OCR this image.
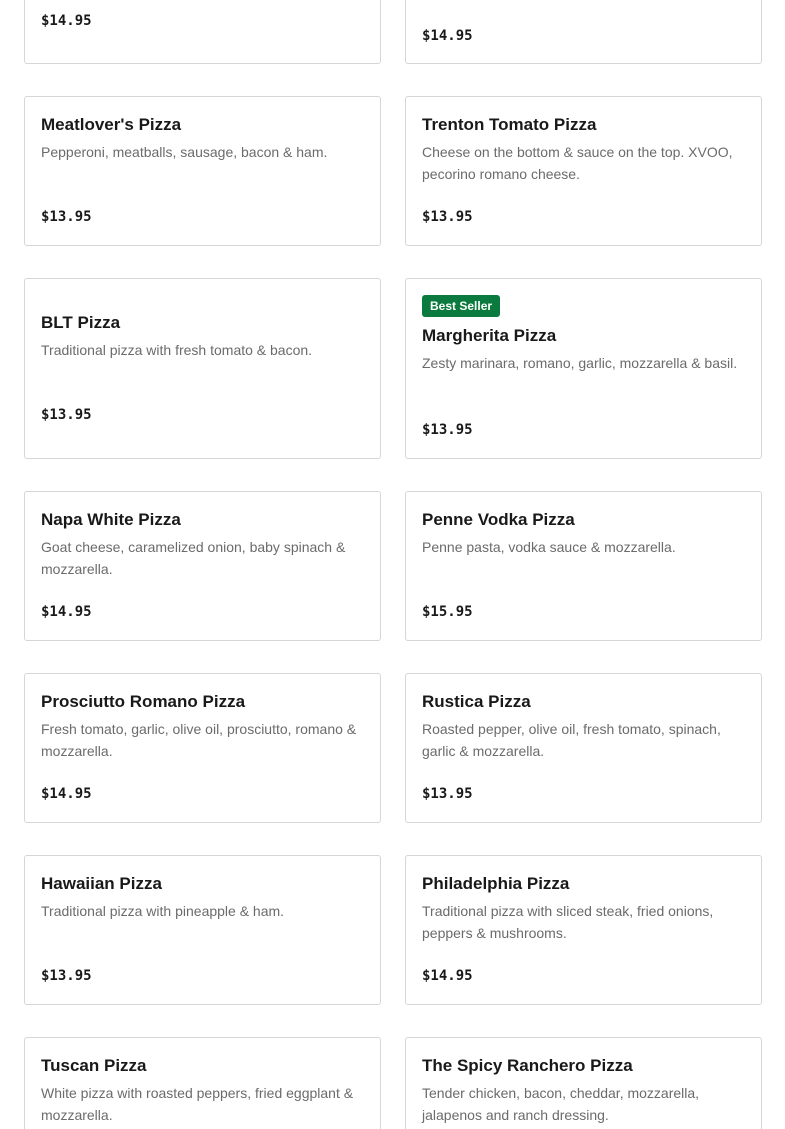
$14.95
$14.95
Meatlover's Pizza

Pepperoni, meatballs, sausage, bacon & ham.

$13.95
Trenton Tomato Pizza

Cheese on the bottom & sauce on the top. XVOO, pecorino romano cheese.

$13.95
BLT Pizza

Traditional pizza with fresh tomato & bacon.

$13.95
Best Seller
Margherita Pizza

Zesty marinara, romano, garlic, mozzarella & basil.

$13.95
Napa White Pizza

Goat cheese, caramelized onion, baby spinach & mozzarella.

$14.95
Penne Vodka Pizza

Penne pasta, vodka sauce & mozzarella.

$15.95
Prosciutto Romano Pizza

Fresh tomato, garlic, olive oil, prosciutto, romano & mozzarella.

$14.95
Rustica Pizza

Roasted pepper, olive oil, fresh tomato, spinach, garlic & mozzarella.

$13.95
Hawaiian Pizza

Traditional pizza with pineapple & ham.

$13.95
Philadelphia Pizza

Traditional pizza with sliced steak, fried onions, peppers & mushrooms.

$14.95
Tuscan Pizza

White pizza with roasted peppers, fried eggplant & mozzarella.

The Spicy Ranchero Pizza

Tender chicken, bacon, cheddar, mozzarella, jalapenos and ranch dressing.
